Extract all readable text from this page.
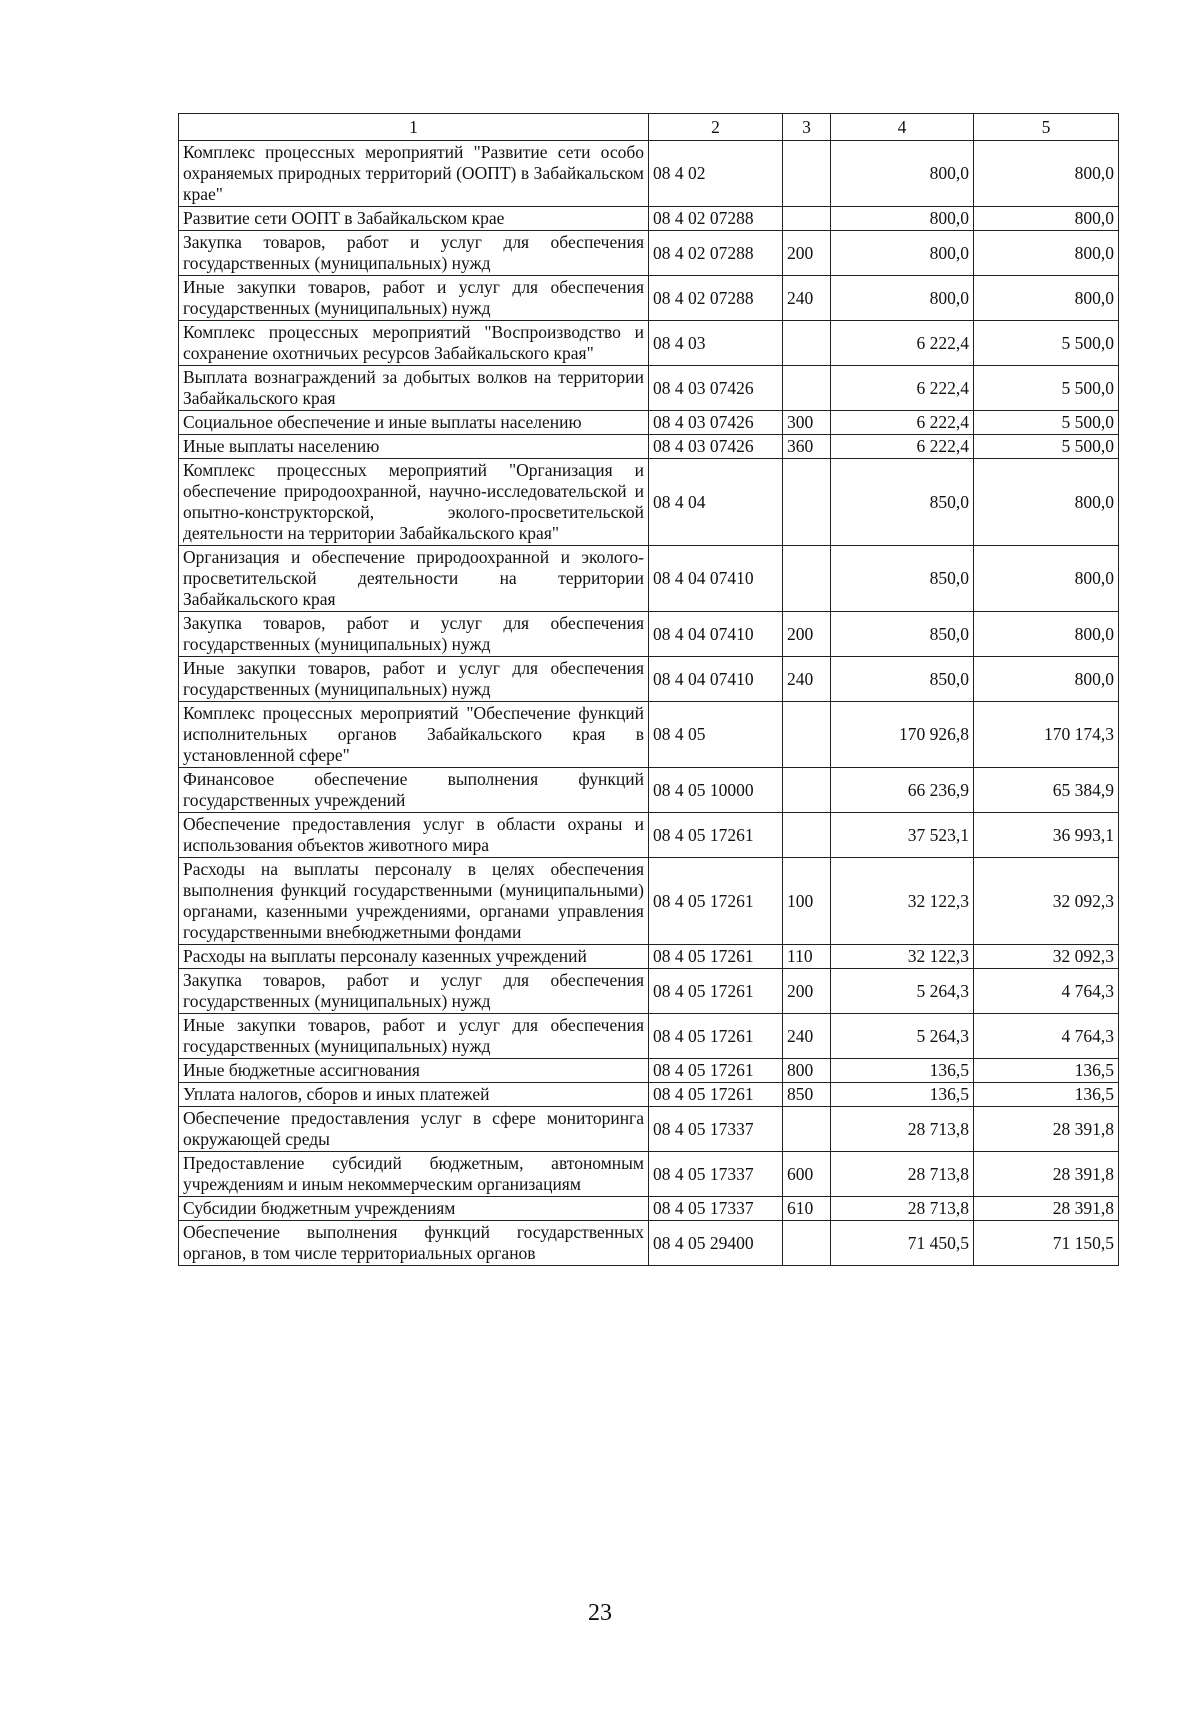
1	2	3	4	5
Комплекс процессных мероприятий "Развитие сети особо охраняемых природных территорий (ООПТ) в Забайкальском крае"	08 4 02		800,0	800,0
Развитие сети ООПТ в Забайкальском крае	08 4 02 07288		800,0	800,0
Закупка товаров, работ и услуг для обеспечения государственных (муниципальных) нужд	08 4 02 07288	200	800,0	800,0
Иные закупки товаров, работ и услуг для обеспечения государственных (муниципальных) нужд	08 4 02 07288	240	800,0	800,0
Комплекс процессных мероприятий "Воспроизводство и сохранение охотничьих ресурсов Забайкальского края"	08 4 03		6 222,4	5 500,0
Выплата вознаграждений за добытых волков на территории Забайкальского края	08 4 03 07426		6 222,4	5 500,0
Социальное обеспечение и иные выплаты населению	08 4 03 07426	300	6 222,4	5 500,0
Иные выплаты населению	08 4 03 07426	360	6 222,4	5 500,0
Комплекс процессных мероприятий "Организация и обеспечение природоохранной, научно-исследовательской и опытно-конструкторской, эколого-просветительской деятельности на территории Забайкальского края"	08 4 04		850,0	800,0
Организация и обеспечение природоохранной и эколого-просветительской деятельности на территории Забайкальского края	08 4 04 07410		850,0	800,0
Закупка товаров, работ и услуг для обеспечения государственных (муниципальных) нужд	08 4 04 07410	200	850,0	800,0
Иные закупки товаров, работ и услуг для обеспечения государственных (муниципальных) нужд	08 4 04 07410	240	850,0	800,0
Комплекс процессных мероприятий "Обеспечение функций исполнительных органов Забайкальского края в установленной сфере"	08 4 05		170 926,8	170 174,3
Финансовое обеспечение выполнения функций государственных учреждений	08 4 05 10000		66 236,9	65 384,9
Обеспечение предоставления услуг в области охраны и использования объектов животного мира	08 4 05 17261		37 523,1	36 993,1
Расходы на выплаты персоналу в целях обеспечения выполнения функций государственными (муниципальными) органами, казенными учреждениями, органами управления государственными внебюджетными фондами	08 4 05 17261	100	32 122,3	32 092,3
Расходы на выплаты персоналу казенных учреждений	08 4 05 17261	110	32 122,3	32 092,3
Закупка товаров, работ и услуг для обеспечения государственных (муниципальных) нужд	08 4 05 17261	200	5 264,3	4 764,3
Иные закупки товаров, работ и услуг для обеспечения государственных (муниципальных) нужд	08 4 05 17261	240	5 264,3	4 764,3
Иные бюджетные ассигнования	08 4 05 17261	800	136,5	136,5
Уплата налогов, сборов и иных платежей	08 4 05 17261	850	136,5	136,5
Обеспечение предоставления услуг в сфере мониторинга окружающей среды	08 4 05 17337		28 713,8	28 391,8
Предоставление субсидий бюджетным, автономным учреждениям и иным некоммерческим организациям	08 4 05 17337	600	28 713,8	28 391,8
Субсидии бюджетным учреждениям	08 4 05 17337	610	28 713,8	28 391,8
Обеспечение выполнения функций государственных органов, в том числе территориальных органов	08 4 05 29400		71 450,5	71 150,5
23
